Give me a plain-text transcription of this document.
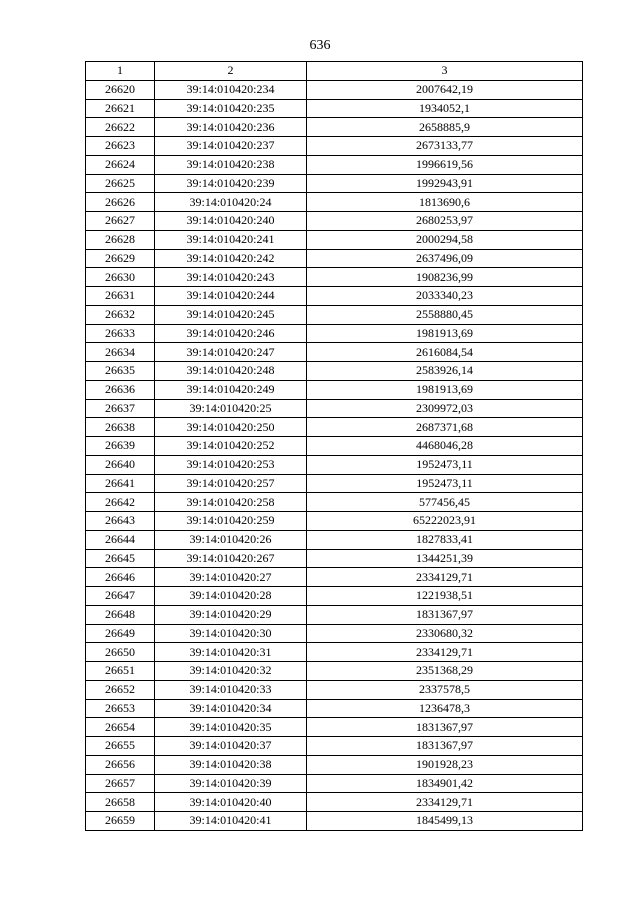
636
1	2	3
26620	39:14:010420:234	2007642,19
26621	39:14:010420:235	1934052,1
26622	39:14:010420:236	2658885,9
26623	39:14:010420:237	2673133,77
26624	39:14:010420:238	1996619,56
26625	39:14:010420:239	1992943,91
26626	39:14:010420:24	1813690,6
26627	39:14:010420:240	2680253,97
26628	39:14:010420:241	2000294,58
26629	39:14:010420:242	2637496,09
26630	39:14:010420:243	1908236,99
26631	39:14:010420:244	2033340,23
26632	39:14:010420:245	2558880,45
26633	39:14:010420:246	1981913,69
26634	39:14:010420:247	2616084,54
26635	39:14:010420:248	2583926,14
26636	39:14:010420:249	1981913,69
26637	39:14:010420:25	2309972,03
26638	39:14:010420:250	2687371,68
26639	39:14:010420:252	4468046,28
26640	39:14:010420:253	1952473,11
26641	39:14:010420:257	1952473,11
26642	39:14:010420:258	577456,45
26643	39:14:010420:259	65222023,91
26644	39:14:010420:26	1827833,41
26645	39:14:010420:267	1344251,39
26646	39:14:010420:27	2334129,71
26647	39:14:010420:28	1221938,51
26648	39:14:010420:29	1831367,97
26649	39:14:010420:30	2330680,32
26650	39:14:010420:31	2334129,71
26651	39:14:010420:32	2351368,29
26652	39:14:010420:33	2337578,5
26653	39:14:010420:34	1236478,3
26654	39:14:010420:35	1831367,97
26655	39:14:010420:37	1831367,97
26656	39:14:010420:38	1901928,23
26657	39:14:010420:39	1834901,42
26658	39:14:010420:40	2334129,71
26659	39:14:010420:41	1845499,13
